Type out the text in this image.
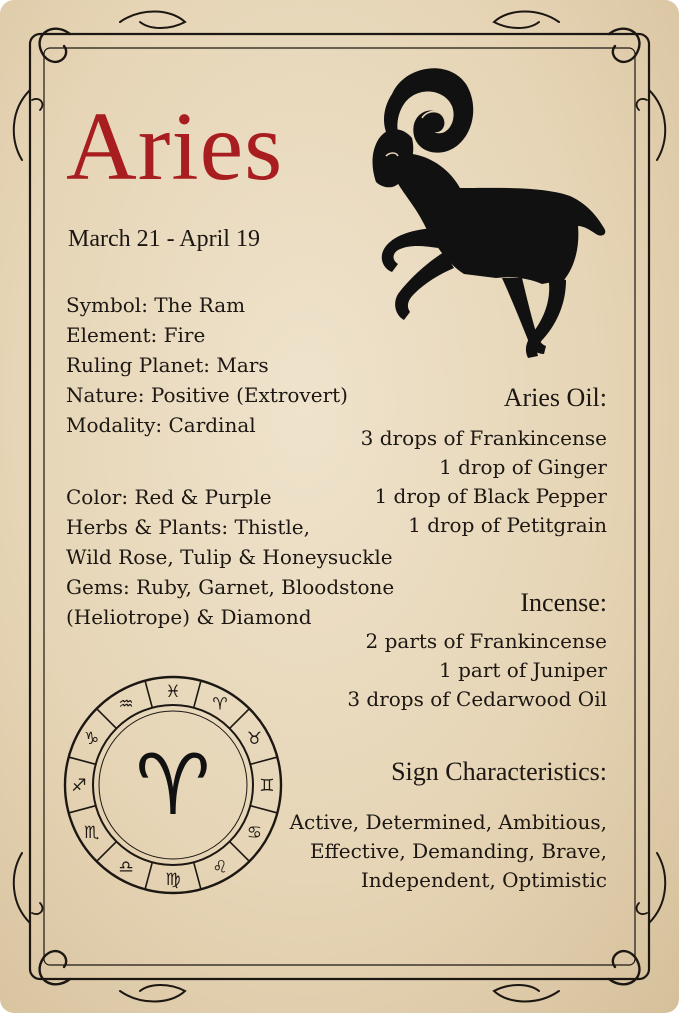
Aries
March 21 - April 19
Symbol: The Ram
Element: Fire
Ruling Planet: Mars
Nature: Positive (Extrovert)
Modality: Cardinal
Color: Red & Purple
Herbs & Plants: Thistle,
Wild Rose, Tulip & Honeysuckle
Gems: Ruby, Garnet, Bloodstone
(Heliotrope) & Diamond
Aries Oil:
3 drops of Frankincense
1 drop of Ginger
1 drop of Black Pepper
1 drop of Petitgrain
Incense:
2 parts of Frankincense
1 part of Juniper
3 drops of Cedarwood Oil
Sign Characteristics:
Active, Determined, Ambitious,
Effective, Demanding, Brave,
Independent, Optimistic
♈
♉
♊
♋
♌
♍
♎
♏
♐
♑
♒
♓
♈
